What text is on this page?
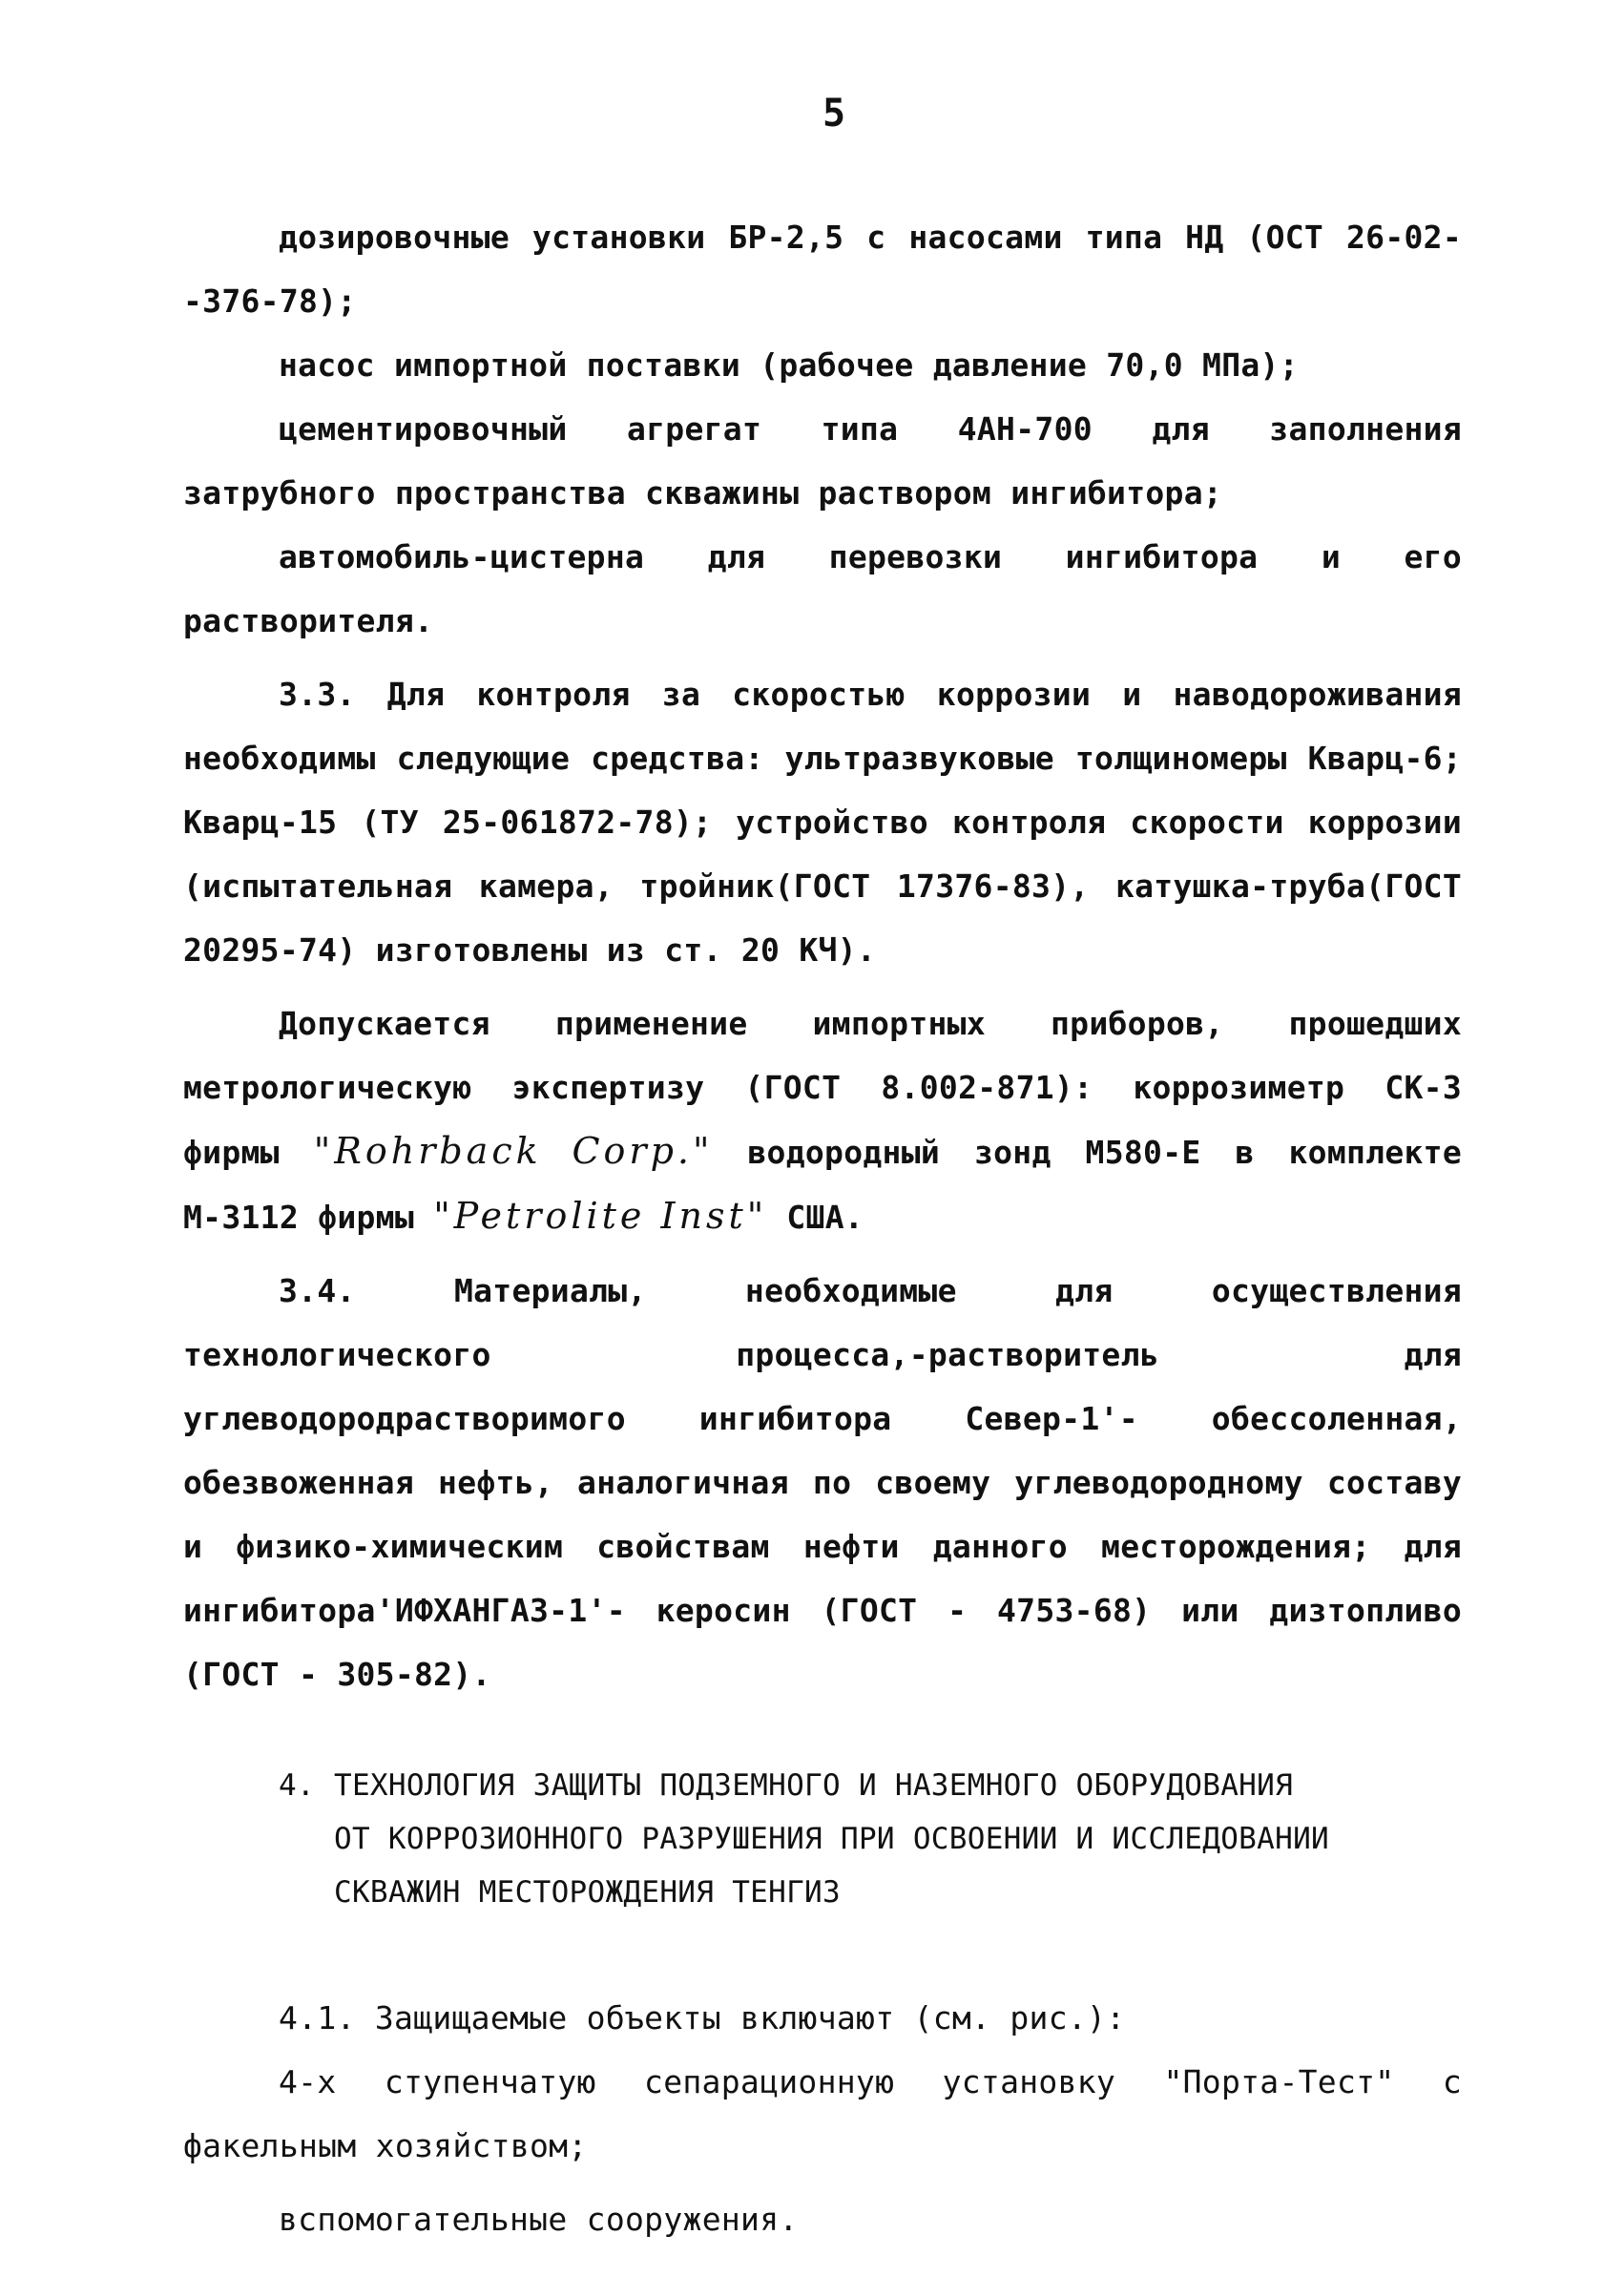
5

дозировочные установки БР-2,5 с насосами типа НД (ОСТ 26-02--376-78);

насос импортной поставки (рабочее давление 70,0 МПа);

цементировочный агрегат типа 4АН-700 для заполнения затрубного пространства скважины раствором ингибитора;

автомобиль-цистерна для перевозки ингибитора и его растворителя.

3.3. Для контроля за скоростью коррозии и наводороживания необходимы следующие средства: ультразвуковые толщиномеры Кварц-6; Кварц-15 (ТУ 25-061872-78); устройство контроля скорости коррозии (испытательная камера, тройник(ГОСТ 17376-83), катушка-труба(ГОСТ 20295-74) изготовлены из ст. 20 КЧ).

Допускается применение импортных приборов, прошедших метрологическую экспертизу (ГОСТ 8.002-871): коррозиметр СК-3 фирмы "Rohrback Corp." водородный зонд М580-Е в комплекте М-3112 фирмы "Petrolite Inst" США.

3.4. Материалы, необходимые для осуществления технологического процесса,-растворитель для углеводородрастворимого ингибитора Север-1'- обессоленная, обезвоженная нефть, аналогичная по своему углеводородному составу и физико-химическим свойствам нефти данного месторождения; для ингибитора'ИФХАНГАЗ-1'- керосин (ГОСТ - 4753-68) или дизтопливо (ГОСТ - 305-82).

4. ТЕХНОЛОГИЯ ЗАЩИТЫ ПОДЗЕМНОГО И НАЗЕМНОГО ОБОРУДОВАНИЯ
ОТ КОРРОЗИОННОГО РАЗРУШЕНИЯ ПРИ ОСВОЕНИИ И ИССЛЕДОВАНИИ
СКВАЖИН МЕСТОРОЖДЕНИЯ ТЕНГИЗ

4.1. Защищаемые объекты включают (см. рис.):

4-х ступенчатую сепарационную установку "Порта-Тест" с факельным хозяйством;

вспомогательные сооружения.
